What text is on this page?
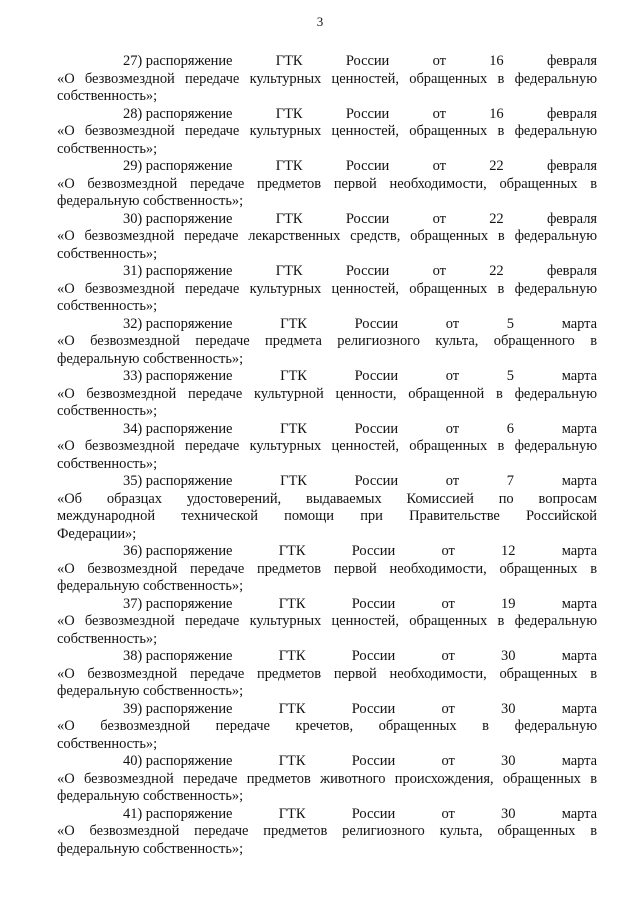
3
27) распоряжение	ГТК	России	от	16	февраля
«О безвозмездной передаче культурных ценностей, обращенных в федеральную
собственность»;
28) распоряжение	ГТК	России	от	16	февраля
«О безвозмездной передаче культурных ценностей, обращенных в федеральную
собственность»;
29) распоряжение	ГТК	России	от	22	февраля
«О безвозмездной передаче предметов первой необходимости, обращенных в
федеральную собственность»;
30) распоряжение	ГТК	России	от	22	февраля
«О безвозмездной передаче лекарственных средств, обращенных в федеральную
собственность»;
31) распоряжение	ГТК	России	от	22	февраля
«О безвозмездной передаче культурных ценностей, обращенных в федеральную
собственность»;
32) распоряжение	ГТК	России	от	5	марта
«О безвозмездной передаче предмета религиозного культа, обращенного в
федеральную собственность»;
33) распоряжение	ГТК	России	от	5	марта
«О безвозмездной передаче культурной ценности, обращенной в федеральную
собственность»;
34) распоряжение	ГТК	России	от	6	марта
«О безвозмездной передаче культурных ценностей, обращенных в федеральную
собственность»;
35) распоряжение	ГТК	России	от	7	марта
«Об образцах удостоверений, выдаваемых Комиссией по вопросам
международной технической помощи при Правительстве Российской
Федерации»;
36) распоряжение	ГТК	России	от	12	марта
«О безвозмездной передаче предметов первой необходимости, обращенных в
федеральную собственность»;
37) распоряжение	ГТК	России	от	19	марта
«О безвозмездной передаче культурных ценностей, обращенных в федеральную
собственность»;
38) распоряжение	ГТК	России	от	30	марта
«О безвозмездной передаче предметов первой необходимости, обращенных в
федеральную собственность»;
39) распоряжение	ГТК	России	от	30	марта
«О безвозмездной передаче кречетов, обращенных в федеральную
собственность»;
40) распоряжение	ГТК	России	от	30	марта
«О безвозмездной передаче предметов животного происхождения, обращенных в
федеральную собственность»;
41) распоряжение	ГТК	России	от	30	марта
«О безвозмездной передаче предметов религиозного культа, обращенных в
федеральную собственность»;
